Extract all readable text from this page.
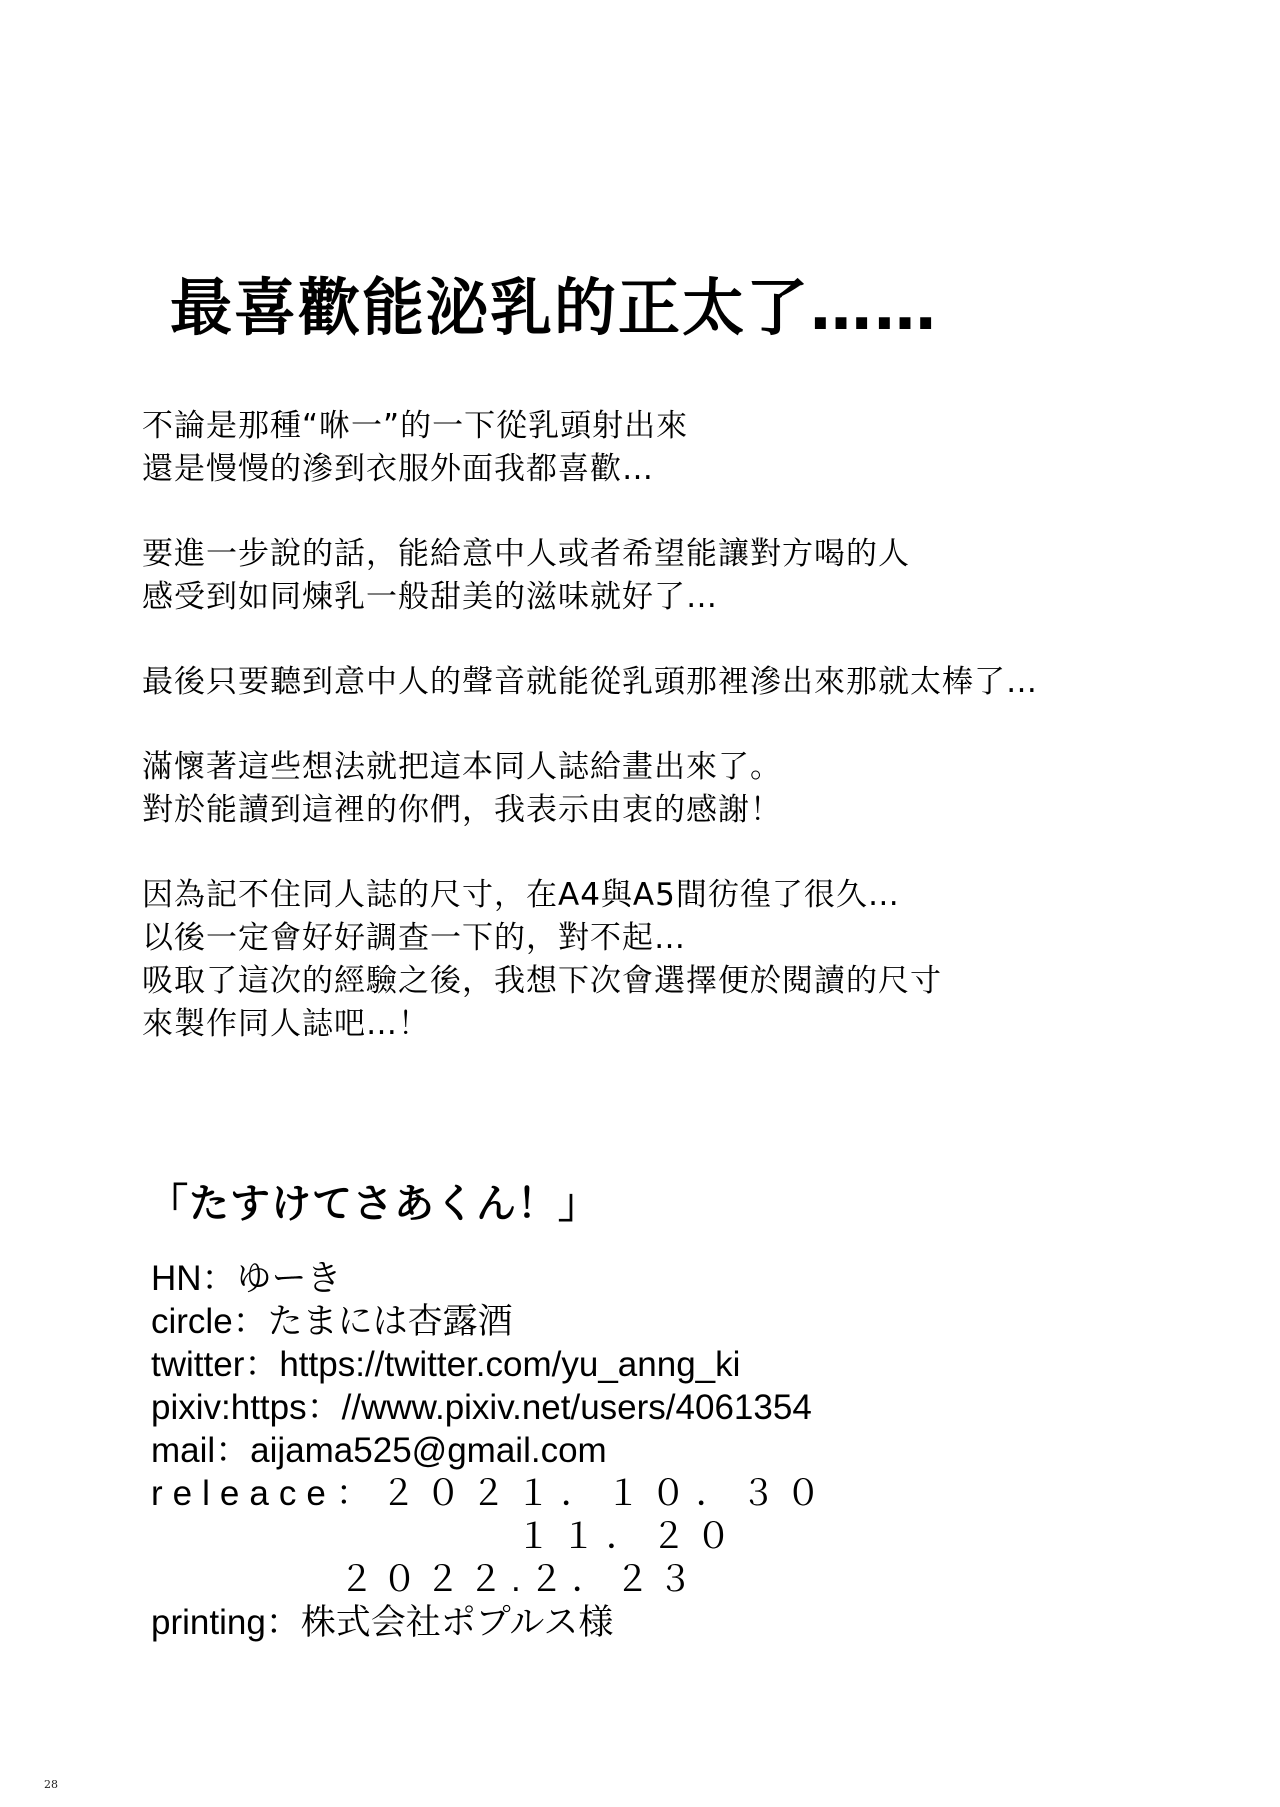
最喜歡能泌乳的正太了……
不論是那種“咻一”的一下從乳頭射出來
還是慢慢的滲到衣服外面我都喜歡…
要進一步說的話，能給意中人或者希望能讓對方喝的人
感受到如同煉乳一般甜美的滋味就好了…
最後只要聽到意中人的聲音就能從乳頭那裡滲出來那就太棒了…
滿懷著這些想法就把這本同人誌給畫出來了。
對於能讀到這裡的你們，我表示由衷的感謝！
因為記不住同人誌的尺寸，在A4與A5間彷徨了很久…
以後一定會好好調查一下的，對不起…
吸取了這次的經驗之後，我想下次會選擇便於閱讀的尺寸
來製作同人誌吧…！
「たすけてさあくん！」
HN：ゆーき
circle：たまには杏露酒
twitter：https://twitter.com/yu_anng_ki
pixiv:https：//www.pixiv.net/users/4061354
mail：aijama525@gmail.com
releace：２０２１．１０．３０
１１．２０
２０２２.２．２３
printing：株式会社ポプルス様
28
